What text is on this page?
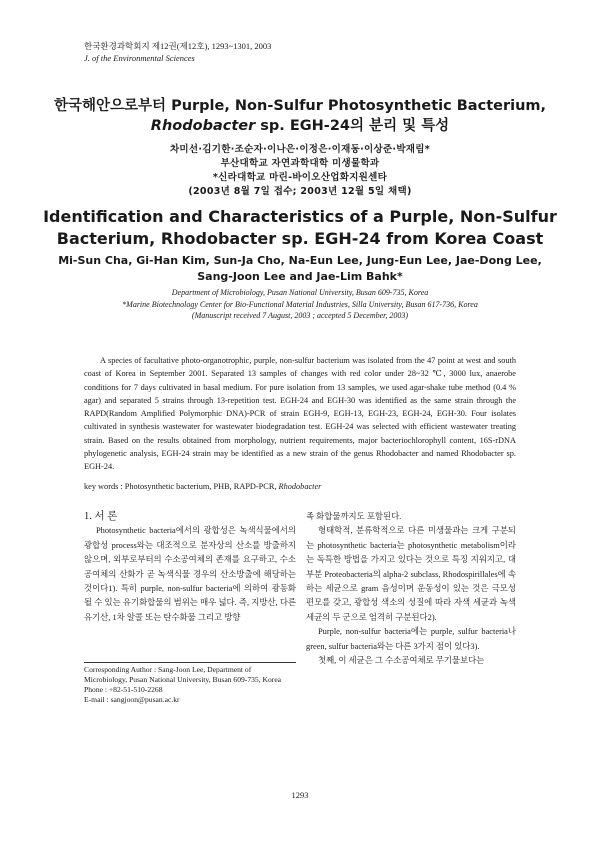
한국환경과학회지 제12권(제12호), 1293~1301, 2003
J. of the Environmental Sciences
한국해안으로부터 Purple, Non-Sulfur Photosynthetic Bacterium,
Rhodobacter sp. EGH-24의 분리 및 특성
차미선·김기한·조순자·이나은·이정은·이재동·이상준·박재림*
부산대학교 자연과학대학 미생물학과
*신라대학교 마린-바이오산업화지원센타
(2003년 8월 7일 접수; 2003년 12월 5일 채택)
Identification and Characteristics of a Purple, Non-Sulfur
Bacterium, Rhodobacter sp. EGH-24 from Korea Coast
Mi-Sun Cha, Gi-Han Kim, Sun-Ja Cho, Na-Eun Lee, Jung-Eun Lee, Jae-Dong Lee,
Sang-Joon Lee and Jae-Lim Bahk*
Department of Microbiology, Pusan National University, Busan 609-735, Korea
*Marine Biotechnology Center for Bio-Functional Material Industries, Silla University, Busan 617-736, Korea
(Manuscript received 7 August, 2003 ; accepted 5 December, 2003)

A species of facultative photo-organotrophic, purple, non-sulfur bacterium was isolated from the 47 point at west and south coast of Korea in September 2001. Separated 13 samples of changes with red color under 28~32 ℃, 3000 lux, anaerobe conditions for 7 days cultivated in basal medium. For pure isolation from 13 samples, we used agar-shake tube method (0.4 % agar) and separated 5 strains through 13-repetition test. EGH-24 and EGH-30 was identified as the same strain through the RAPD(Random Amplified Polymorphic DNA)-PCR of strain EGH-9, EGH-13, EGH-23, EGH-24, EGH-30. Four isolates cultivated in synthesis wastewater for wastewater biodegradation test. EGH-24 was selected with efficient wastewater treating strain. Based on the results obtained from morphology, nutrient requirements, major bacteriochlorophyll content, 16S-rDNA phylogenetic analysis, EGH-24 strain may be identified as a new strain of the genus Rhodobacter and named Rhodobacter sp. EGH-24.

key words : Photosynthetic bacterium, PHB, RAPD-PCR, Rhodobacter

1. 서 론

Photosynthetic bacteria에서의 광합성은 녹색식물에서의 광합성 process와는 대조적으로 분자상의 산소를 방출하지 않으며, 외부로부터의 수소공여체의 존재를 요구하고, 수소공여체의 산화가 곧 녹색식물 경우의 산소방출에 해당하는 것이다1). 특히 purple, non-sulfur bacteria에 의하여 광동화 될 수 있는 유기화합물의 범위는 매우 넓다. 즉, 지방산, 다른 유기산, 1차 알콜 또는 탄수화물 그리고 방향

족 화합물까지도 포함된다.

형태학적, 분류학적으로 다른 미생물과는 크게 구분되는 photosynthetic bacteria는 photosynthetic metabolism이라는 독특한 방법을 가지고 있다는 것으로 특징 지워지고, 대부분 Proteobacteria의 alpha-2 subclass, Rhodospirillales에 속하는 세균으로 gram 음성이며 운동성이 있는 것은 극모성 편모를 갖고, 광합성 색소의 성질에 따라 자색 세균과 녹색세균의 두 군으로 엄격히 구분된다2).

Purple, non-sulfur bacteria에는 purple, sulfur bacteria나 green, sulfur bacteria와는 다른 3가지 점이 있다3).

첫째, 이 세균은 그 수소공여체로 무기물보다는

Corresponding Author : Sang-Joon Lee, Department of Microbiology, Pusan National University, Busan 609-735, Korea
Phone : +82-51-510-2268
E-mail : sangjoon@pusan.ac.kr
1293
